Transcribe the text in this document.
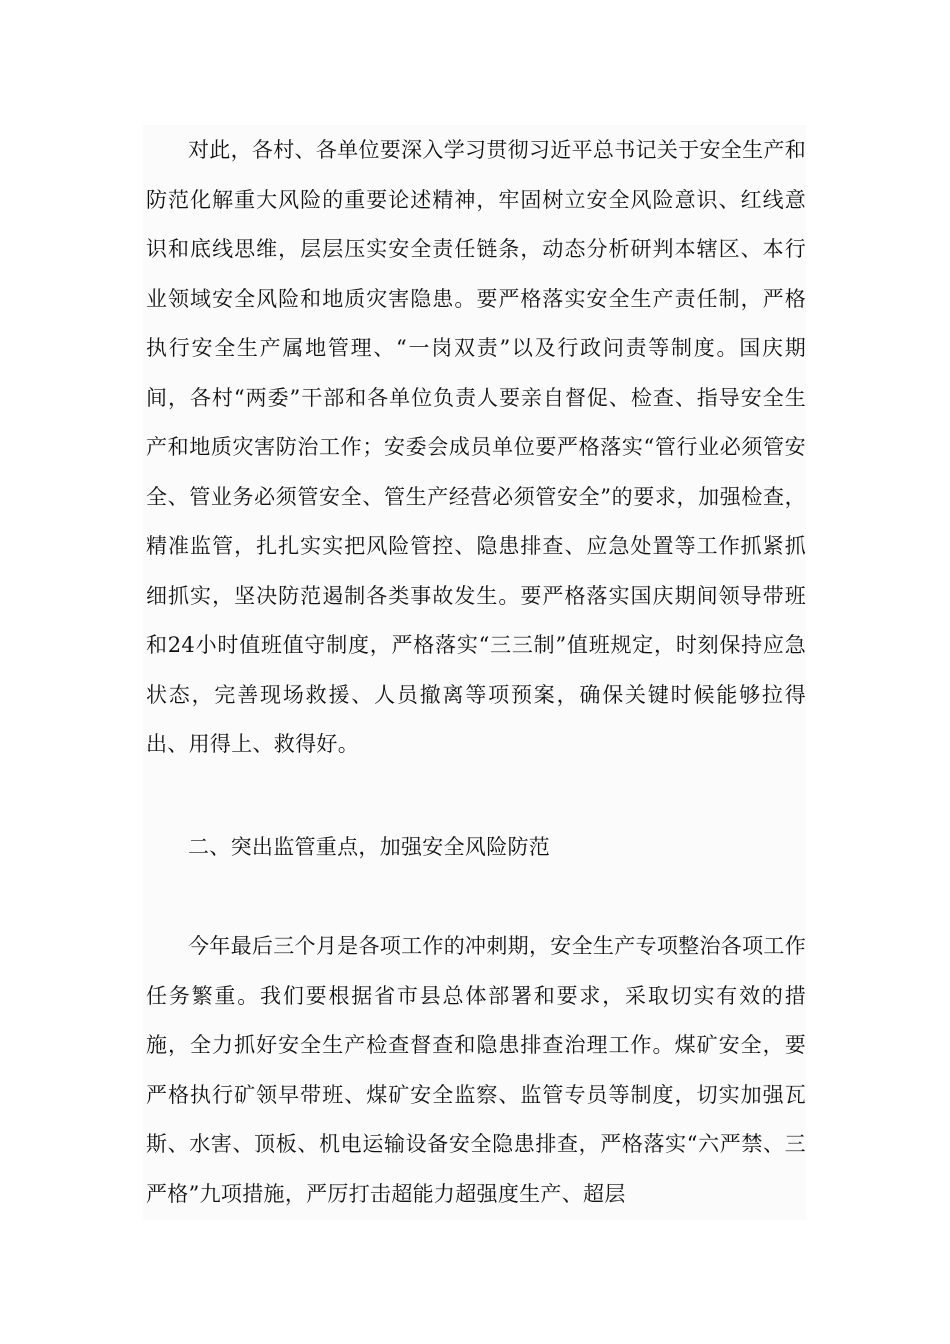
对此，各村、各单位要深入学习贯彻习近平总书记关于安全生产和防范化解重大风险的重要论述精神，牢固树立安全风险意识、红线意识和底线思维，层层压实安全责任链条，动态分析研判本辖区、本行业领域安全风险和地质灾害隐患。要严格落实安全生产责任制，严格执行安全生产属地管理、“一岗双责”以及行政问责等制度。国庆期间，各村“两委”干部和各单位负责人要亲自督促、检查、指导安全生产和地质灾害防治工作；安委会成员单位要严格落实“管行业必须管安全、管业务必须管安全、管生产经营必须管安全”的要求，加强检查，精准监管，扎扎实实把风险管控、隐患排查、应急处置等工作抓紧抓细抓实，坚决防范遏制各类事故发生。要严格落实国庆期间领导带班和24小时值班值守制度，严格落实“三三制”值班规定，时刻保持应急状态，完善现场救援、人员撤离等项预案，确保关键时候能够拉得出、用得上、救得好。

二、突出监管重点，加强安全风险防范

今年最后三个月是各项工作的冲刺期，安全生产专项整治各项工作任务繁重。我们要根据省市县总体部署和要求，采取切实有效的措施，全力抓好安全生产检查督查和隐患排查治理工作。煤矿安全，要严格执行矿领早带班、煤矿安全监察、监管专员等制度，切实加强瓦斯、水害、顶板、机电运输设备安全隐患排查，严格落实“六严禁、三严格”九项措施，严厉打击超能力超强度生产、超层
